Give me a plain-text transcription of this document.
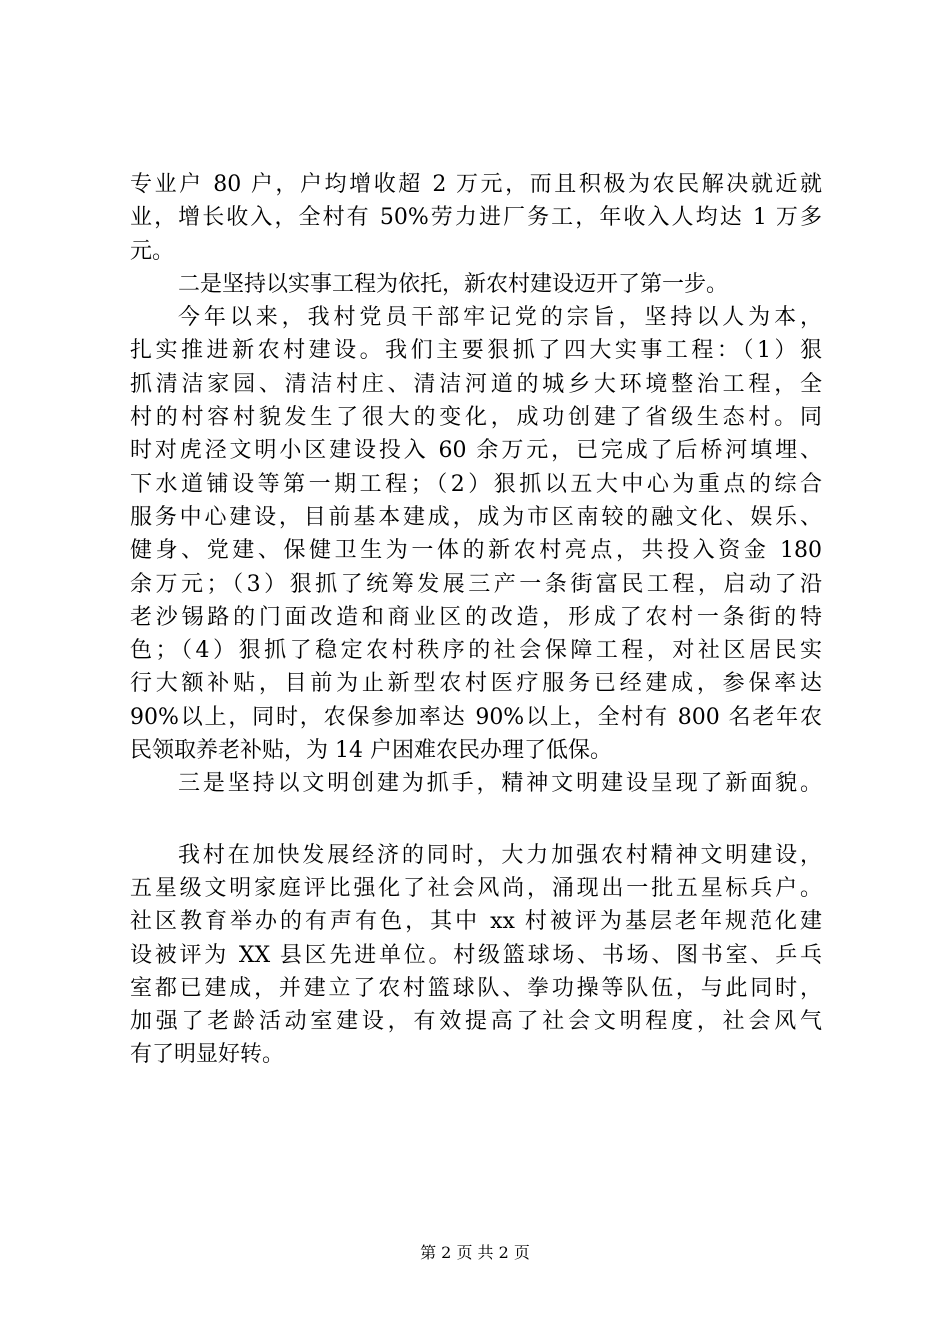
专业户 80 户，户均增收超 2 万元，而且积极为农民解决就近就
业，增长收入，全村有 50%劳力进厂务工，年收入人均达 1 万多
元。
二是坚持以实事工程为依托，新农村建设迈开了第一步。
今年以来，我村党员干部牢记党的宗旨，坚持以人为本，
扎实推进新农村建设。我们主要狠抓了四大实事工程：（1）狠
抓清洁家园、清洁村庄、清洁河道的城乡大环境整治工程，全
村的村容村貌发生了很大的变化，成功创建了省级生态村。同
时对虎泾文明小区建设投入 60 余万元，已完成了后桥河填埋、
下水道铺设等第一期工程；（2）狠抓以五大中心为重点的综合
服务中心建设，目前基本建成，成为市区南较的融文化、娱乐、
健身、党建、保健卫生为一体的新农村亮点，共投入资金 180
余万元；（3）狠抓了统筹发展三产一条街富民工程，启动了沿
老沙锡路的门面改造和商业区的改造，形成了农村一条街的特
色；（4）狠抓了稳定农村秩序的社会保障工程，对社区居民实
行大额补贴，目前为止新型农村医疗服务已经建成，参保率达
90%以上，同时，农保参加率达 90%以上，全村有 800 名老年农
民领取养老补贴，为 14 户困难农民办理了低保。
三是坚持以文明创建为抓手，精神文明建设呈现了新面貌。
我村在加快发展经济的同时，大力加强农村精神文明建设，
五星级文明家庭评比强化了社会风尚，涌现出一批五星标兵户。
社区教育举办的有声有色，其中 xx 村被评为基层老年规范化建
设被评为 XX 县区先进单位。村级篮球场、书场、图书室、乒乓
室都已建成，并建立了农村篮球队、拳功操等队伍，与此同时，
加强了老龄活动室建设，有效提高了社会文明程度，社会风气
有了明显好转。
第 2 页 共 2 页
